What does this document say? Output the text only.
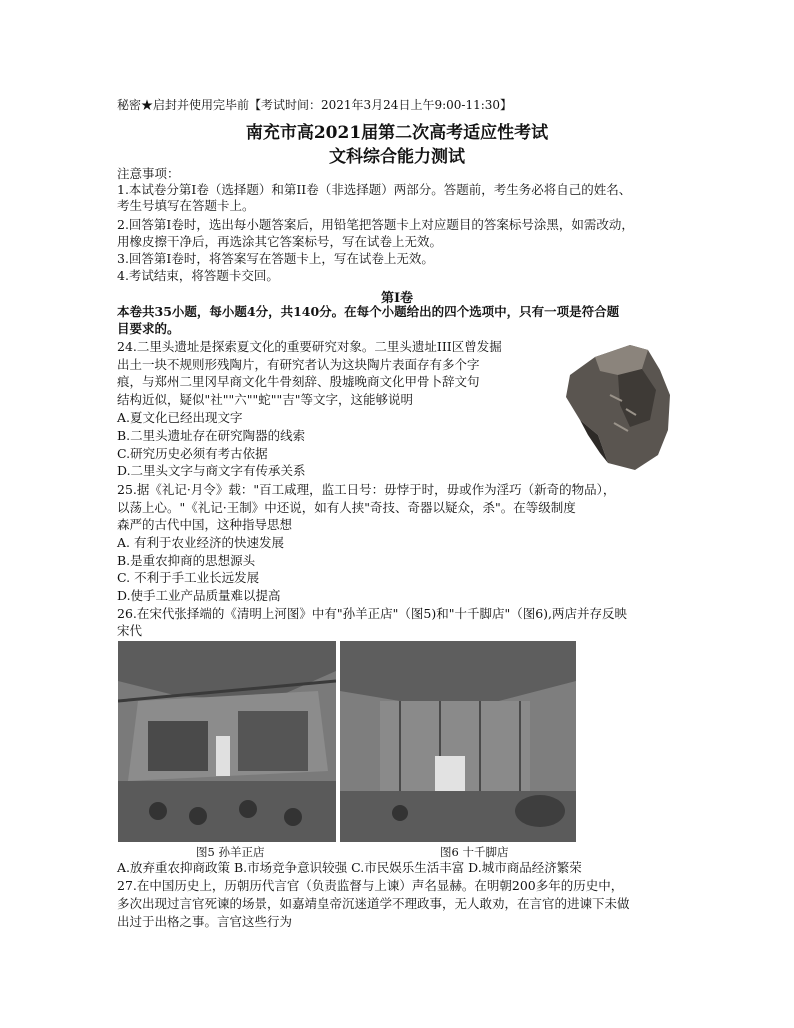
秘密★启封并使用完毕前【考试时间：2021年3月24日上午9:00-11:30】
南充市高2021届第二次高考适应性考试
文科综合能力测试
注意事项：
1.本试卷分第I卷（选择题）和第II卷（非选择题）两部分。答题前，考生务必将自己的姓名、
考生号填写在答题卡上。
2.回答第I卷时，选出每小题答案后，用铅笔把答题卡上对应题目的答案标号涂黑，如需改动，
用橡皮擦干净后，再选涂其它答案标号，写在试卷上无效。
3.回答第I卷时，将答案写在答题卡上，写在试卷上无效。
4.考试结束，将答题卡交回。
第I卷
本卷共35小题，每小题4分，共140分。在每个小题给出的四个选项中，只有一项是符合题
目要求的。
24.二里头遗址是探索夏文化的重要研究对象。二里头遗址III区曾发掘
出土一块不规则形残陶片，有研究者认为这块陶片表面存有多个字
痕，与郑州二里冈早商文化牛骨刻辞、殷墟晚商文化甲骨卜辞文句
结构近似，疑似"社""六""蛇""吉"等文字，这能够说明
A.夏文化已经出现文字
B.二里头遗址存在研究陶器的线索
C.研究历史必须有考古依据
D.二里头文字与商文字有传承关系
25.据《礼记·月令》载："百工咸理，监工日号：毋悖于时，毋或作为淫巧（新奇的物品），
以荡上心。"《礼记·王制》中还说，如有人挟"奇技、奇器以疑众，杀"。在等级制度
森严的古代中国，这种指导思想
A. 有利于农业经济的快速发展
B.是重农抑商的思想源头
C. 不利于手工业长远发展
D.使手工业产品质量难以提高
26.在宋代张择端的《清明上河图》中有"孙羊正店"（图5)和"十千脚店"（图6),两店并存反映
宋代
图5 孙羊正店	图6 十千脚店
A.放弃重农抑商政策 B.市场竞争意识较强 C.市民娱乐生活丰富 D.城市商品经济繁荣
27.在中国历史上，历朝历代言官（负责监督与上谏）声名显赫。在明朝200多年的历史中，
多次出现过言官死谏的场景，如嘉靖皇帝沉迷道学不理政事，无人敢劝，在言官的进谏下未做
出过于出格之事。言官这些行为
